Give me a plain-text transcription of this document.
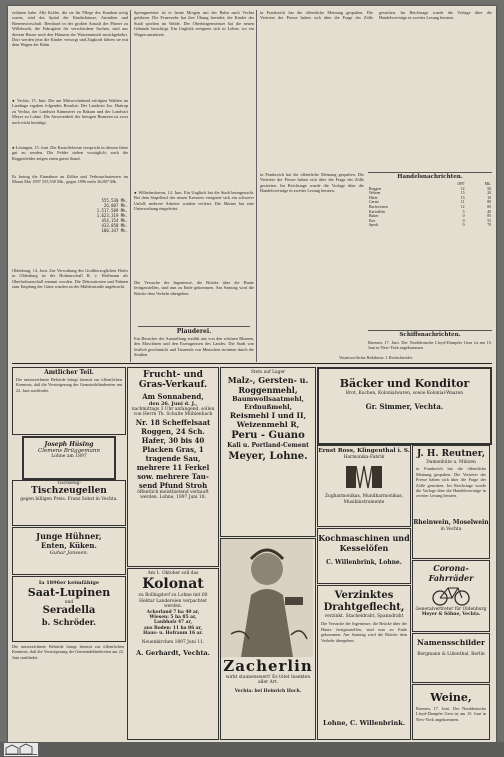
erfahren habe. Alle Kräfte, die sie für Pflege des Kranken nötig waren, sind das Spital der Kinderhäuser, Anstalten und Bienenwirtschaft. Bernhard in der großen Anstalt der Pfarrei zu Willebroek, die Fahrtgäste für verschiedene Sachen, sind aus diesem Hause nach den Häusern der Waisenanstalt zurückgekehrt. Dort werden jetzt die Kinder versorgt und Zugkraft fahren sie mit dem Wagen der Bahn.
● Vechta, 15. Juni. Die am Mittwochabend erfolgten Wahlen im Landtage ergaben folgendes Resultat: Der Landwirt Jos. Hattrup zu Vechta, der Landwirt Kämmerer zu Bakum und der Landwirt Meyer zu Lohne. Die Anwesenheit der hiesigen Beamten ist zwar noch nicht bestätigt.
● Löningen, 15. Juni. Die Kartoffelernte verspricht in diesem Jahre gut zu werden. Die Felder stehen vorzüglich; auch die Roggenfelder zeigen einen guten Stand.
Es betrug die Einnahme an Zöllen und Verbrauchssteuern im Monat Mai 1897 555,530 Mk., gegen 1896 mehr 26,807 Mk.
555,530 Mk.
26,807 Mk.
1,517,509 Mk.
1,623,319 Mk.
454,154 Mk.
433,850 Mk.
100,347 Mk.
Oldenburg, 14. Juni. Zur Verwaltung des Großherzoglichen Hofes in Oldenburg ist der Hofmarschall B. v. Hoffmann als Oberhofmarschall ernannt worden. Die Dekorationen und Fahnen zum Empfang der Gäste wurden an der Mühlenstraße angebracht.
Sprengmeister ist er heute Morgen mit der Bahn nach Vechta gefahren. Die Feuerwehr hat ihre Übung beendet; die Kinder der Stadt spielten im Walde. Der Oberbürgermeister hat die neuen Gebäude besichtigt. Ein Unglück ereignete sich in Lohne, wo ein Wagen umstürzte.
● Wilhelmshaven, 14. Juni. Ein Unglück hat die Stadt heimgesucht. Bei dem Stapellauf des neuen Kreuzers ereignete sich ein schwerer Unfall; mehrere Arbeiter wurden verletzt. Die Marine hat eine Untersuchung eingeleitet.
Die Versuche der Ingenieure, die Brücke über die Hunte fertigzustellen, sind nun zu Ende gekommen. Am Sonntag wird die Brücke dem Verkehr übergeben.
Plauderei.
Ein Besucher der Ausstellung erzählt uns von den schönen Blumen, den Maschinen und den Erzeugnissen des Landes. Die Stadt war festlich geschmückt und Tausende von Menschen strömten durch die Straßen.
in Frankreich hat die öffentliche Meinung gespalten. Die Vertreter der Presse haben sich über die Frage der Zölle gestritten. Im Reichstage wurde die Vorlage über die Handelsverträge in zweiter Lesung beraten.
Handelsnachrichten.
in Frankreich hat die öffentliche Meinung gespalten. Die Vertreter der Presse haben sich über die Frage der Zölle gestritten. Im Reichstage wurde die Vorlage über die Handelsverträge in zweiter Lesung beraten.
	1897	Mk.
Roggen	12	50
Weizen	15	20
Hafer	13	10
Gerste	11	80
Buchweizen	12	00
Kartoffeln	3	40
Butter	0	85
Eier	0	55
Speck	0	70
Schiffsnachrichten.
Bremen, 17. Juni. Der Norddeutsche Lloyd-Dampfer Gera ist am 15. Juni in New-York angekommen.
Verantwortlicher Redakteur: J. Brettschneider.
Amtlicher Teil.
Die unterzeichnete Behörde bringt hiermit zur öffentlichen Kenntnis, daß die Versteigerung der Gemeindeländereien am 22. Juni stattfindet.
Joseph Hüsing
Clemens Brüggemann
Lohne am 1897
Tischzeug-
Tischzeugellen
gegen billigen Preis. Franz Sobst in Vechta.
Junge Hühner,
Enten, Küken.
Guhar Janssen.
Ia 1896er keimfähige
Saat-Lupinen
und
Seradella
b. Schröder.
Die unterzeichnete Behörde bringt hiermit zur öffentlichen Kenntnis, daß die Versteigerung der Gemeindeländereien am 22. Juni stattfindet.
Frucht- und Gras-Verkauf.
Am Sonnabend,
den 26. Juni d. J.,
nachmittags 3 Uhr anfangend, sollen von Herrn Th. Schulte Mühlenbach
Nr. 18 Scheffelsaat
Roggen, 24 Sch.
Hafer, 30 bis 40
Placken Gras, 1
tragende Sau,
mehrere 11 Ferkel
sow. mehrere Tau-
send Pfund Stroh
öffentlich meistbietend verkauft werden. Lohne, 1897 Juni 18.
Am 1. Oktober soll das
Kolonat
zu Bollingdorf zu Lohne mit 60 Hektar Landereien verpachtet werden.
Ackerland 7 ha 40 ar,
Wiesen: 5 ha 85 ar,
Laubholz 47 ar,
aus Boden: 11 ha 86 ar,
Haus- u. Hofraum 16 ar.
Neuenkirchen 1897 Juni 11.
A. Gerhardt, Vechta.
Stets auf Lager
Malz-, Gersten- u. Roggenmehl,
Baumwollsaatmehl,
Erdnußmehl,
Reismehl I und II,
Weizenmehl R,
Peru - Guano
Kali u. Portland-Cement
Meyer, Lohne.
Zacherlin
wirkt staunenswert! Es tötet Insekten aller Art.
Vechta: bei Heinrich Hoch.
Bäcker und Konditor
Brot, Kuchen, Kolonialwaren, sowie Kolonial-Waaren
Gr. Simmer, Vechta.
Ernst Ross, Klingenthal i. S.
Harmonika-Fabrik
Zugharmonikas, Mundharmonikas, Musikinstrumente
Kochmaschinen und Kesselöfen
C. Willenbrink, Lohne.
Verzinktes Drahtgeflecht,
verzinkt. Stacheldraht, Spanndraht
Die Versuche der Ingenieure, die Brücke über die Hunte fertigzustellen, sind nun zu Ende gekommen. Am Sonntag wird die Brücke dem Verkehr übergeben.
Lohne, C. Willenbrink.
J. H. Reutner,
Damenhüte u. Mützen
in Frankreich hat die öffentliche Meinung gespalten. Die Vertreter der Presse haben sich über die Frage der Zölle gestritten. Im Reichstage wurde die Vorlage über die Handelsverträge in zweiter Lesung beraten.
Rheinwein, Moselwein
in Vechta
Corona-Fahrräder
Generalvertreter für Oldenburg
Meyer & Söhne, Vechta.
Namensschilder
Bergmann & Lilienthal, Berlin
Weine,
Bremen, 17. Juni. Der Norddeutsche Lloyd-Dampfer Gera ist am 15. Juni in New-York angekommen.
